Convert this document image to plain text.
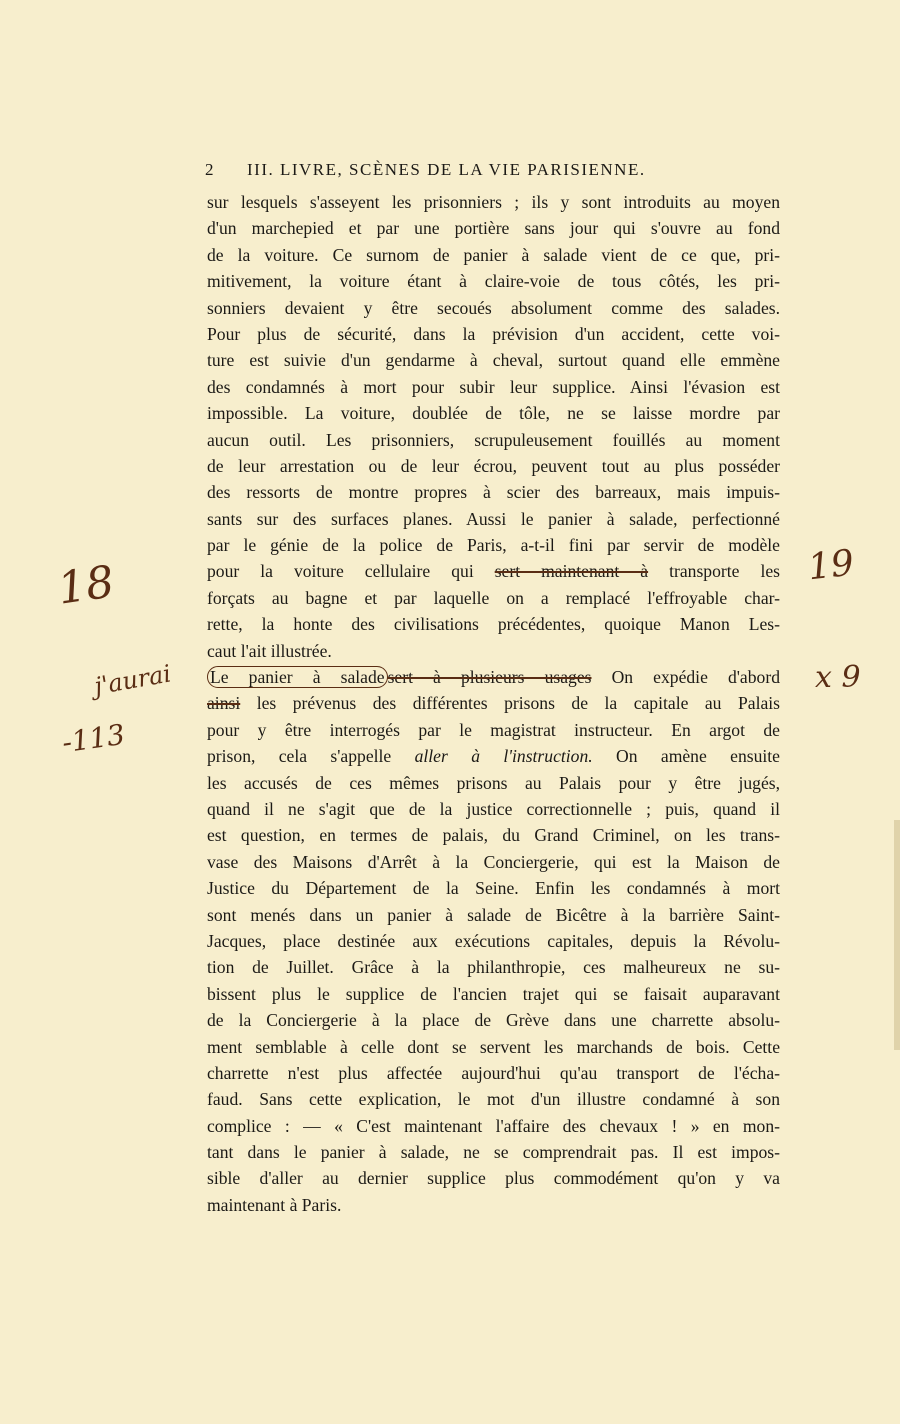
2 III. LIVRE, SCÈNES DE LA VIE PARISIENNE.
sur lesquels s'asseyent les prisonniers ; ils y sont introduits au moyen
d'un marchepied et par une portière sans jour qui s'ouvre au fond
de la voiture. Ce surnom de panier à salade vient de ce que, pri-
mitivement, la voiture étant à claire-voie de tous côtés, les pri-
sonniers devaient y être secoués absolument comme des salades.
Pour plus de sécurité, dans la prévision d'un accident, cette voi-
ture est suivie d'un gendarme à cheval, surtout quand elle emmène
des condamnés à mort pour subir leur supplice. Ainsi l'évasion est
impossible. La voiture, doublée de tôle, ne se laisse mordre par
aucun outil. Les prisonniers, scrupuleusement fouillés au moment
de leur arrestation ou de leur écrou, peuvent tout au plus posséder
des ressorts de montre propres à scier des barreaux, mais impuis-
sants sur des surfaces planes. Aussi le panier à salade, perfectionné
par le génie de la police de Paris, a-t-il fini par servir de modèle
pour la voiture cellulaire qui sert maintenant à transporte les
forçats au bagne et par laquelle on a remplacé l'effroyable char-
rette, la honte des civilisations précédentes, quoique Manon Les-
caut l'ait illustrée.
Le panier à salade sert à plusieurs usages On expédie d'abord
ainsi les prévenus des différentes prisons de la capitale au Palais
pour y être interrogés par le magistrat instructeur. En argot de
prison, cela s'appelle aller à l'instruction. On amène ensuite
les accusés de ces mêmes prisons au Palais pour y être jugés,
quand il ne s'agit que de la justice correctionnelle ; puis, quand il
est question, en termes de palais, du Grand Criminel, on les trans-
vase des Maisons d'Arrêt à la Conciergerie, qui est la Maison de
Justice du Département de la Seine. Enfin les condamnés à mort
sont menés dans un panier à salade de Bicêtre à la barrière Saint-
Jacques, place destinée aux exécutions capitales, depuis la Révolu-
tion de Juillet. Grâce à la philanthropie, ces malheureux ne su-
bissent plus le supplice de l'ancien trajet qui se faisait auparavant
de la Conciergerie à la place de Grève dans une charrette absolu-
ment semblable à celle dont se servent les marchands de bois. Cette
charrette n'est plus affectée aujourd'hui qu'au transport de l'écha-
faud. Sans cette explication, le mot d'un illustre condamné à son
complice : — « C'est maintenant l'affaire des chevaux ! » en mon-
tant dans le panier à salade, ne se comprendrait pas. Il est impos-
sible d'aller au dernier supplice plus commodément qu'on y va
maintenant à Paris.
18	19
j'aurai	x 9
-113
